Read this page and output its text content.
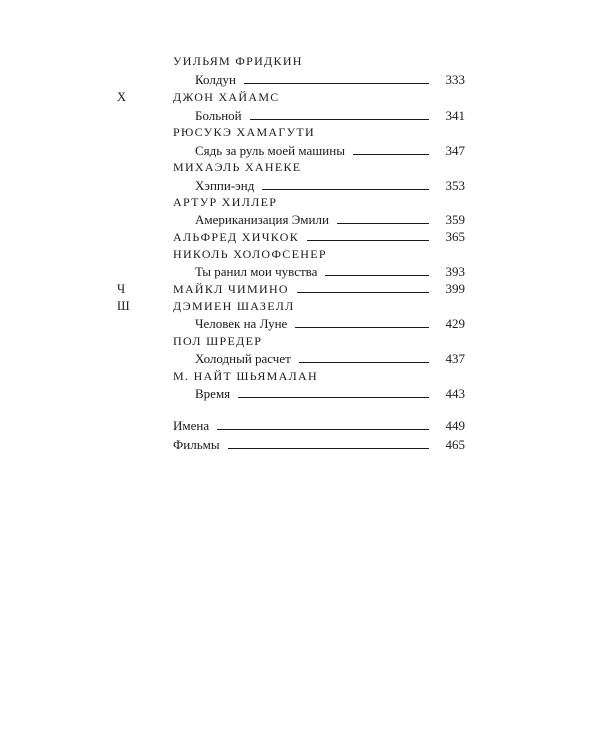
УИЛЬЯМ ФРИДКИН
Колдун	333
Х	ДЖОН ХАЙАМС
Больной	341
РЮСУКЭ ХАМАГУТИ
Сядь за руль моей машины	347
МИХАЭЛЬ ХАНЕКЕ
Хэппи-энд	353
АРТУР ХИЛЛЕР
Американизация Эмили	359
АЛЬФРЕД ХИЧКОК	365
НИКОЛЬ ХОЛОФСЕНЕР
Ты ранил мои чувства	393
Ч	МАЙКЛ ЧИМИНО	399
Ш	ДЭМИЕН ШАЗЕЛЛ
Человек на Луне	429
ПОЛ ШРЕДЕР
Холодный расчет	437
М. НАЙТ ШЬЯМАЛАН
Время	443
Имена	449
Фильмы	465
